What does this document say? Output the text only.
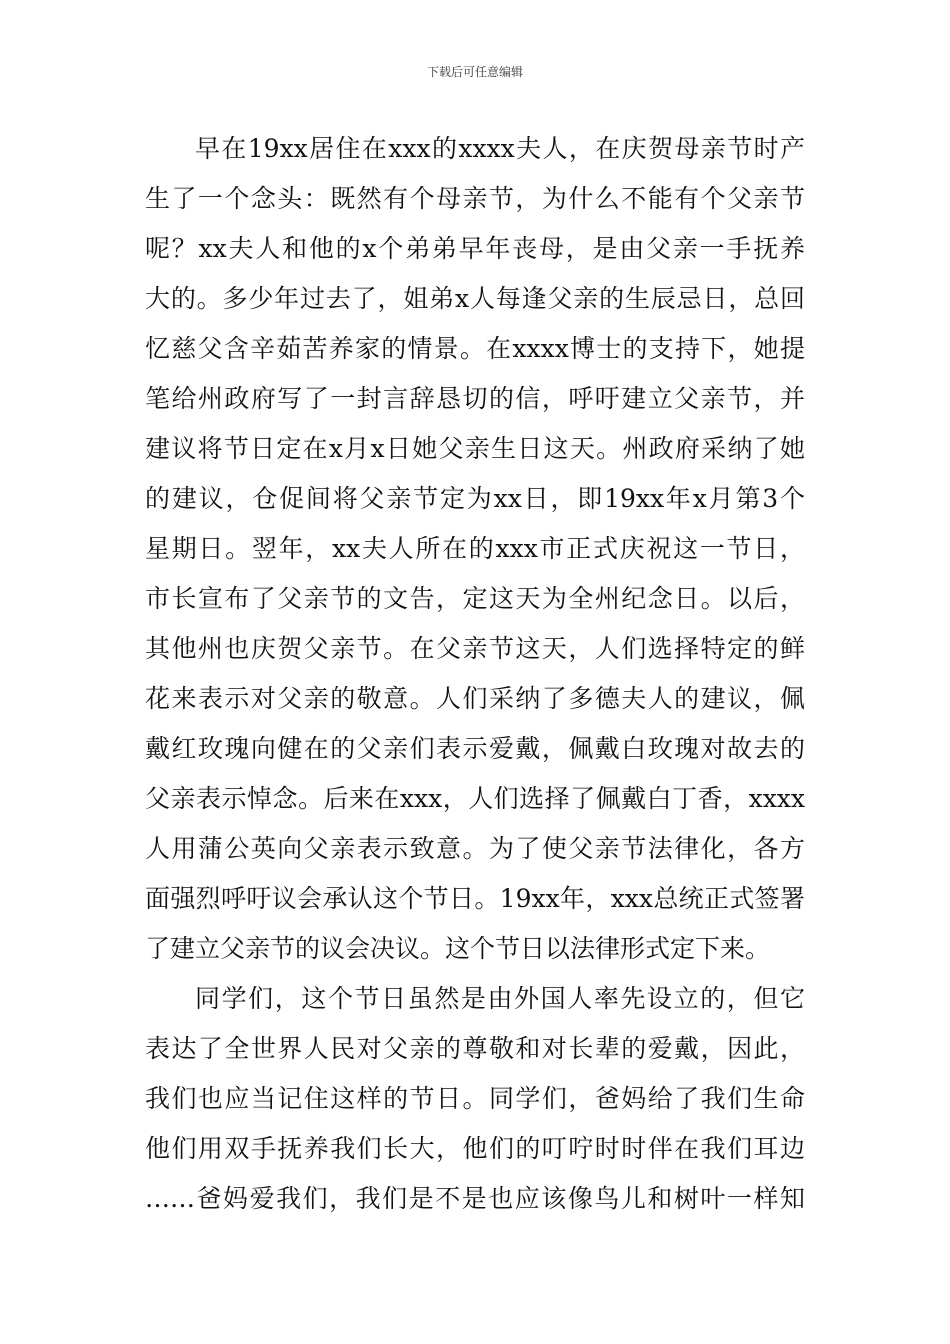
下载后可任意编辑
早在19xx居住在xxx的xxxx夫人，在庆贺母亲节时产
生了一个念头：既然有个母亲节，为什么不能有个父亲节
呢？xx夫人和他的x个弟弟早年丧母，是由父亲一手抚养
大的。多少年过去了，姐弟x人每逢父亲的生辰忌日，总回
忆慈父含辛茹苦养家的情景。在xxxx博士的支持下，她提
笔给州政府写了一封言辞恳切的信，呼吁建立父亲节，并
建议将节日定在x月x日她父亲生日这天。州政府采纳了她
的建议，仓促间将父亲节定为xx日，即19xx年x月第3个
星期日。翌年，xx夫人所在的xxx市正式庆祝这一节日，
市长宣布了父亲节的文告，定这天为全州纪念日。以后，
其他州也庆贺父亲节。在父亲节这天，人们选择特定的鲜
花来表示对父亲的敬意。人们采纳了多德夫人的建议，佩
戴红玫瑰向健在的父亲们表示爱戴，佩戴白玫瑰对故去的
父亲表示悼念。后来在xxx，人们选择了佩戴白丁香，xxxx
人用蒲公英向父亲表示致意。为了使父亲节法律化，各方
面强烈呼吁议会承认这个节日。19xx年，xxx总统正式签署
了建立父亲节的议会决议。这个节日以法律形式定下来。
同学们，这个节日虽然是由外国人率先设立的，但它
表达了全世界人民对父亲的尊敬和对长辈的爱戴，因此，
我们也应当记住这样的节日。同学们，爸妈给了我们生命
他们用双手抚养我们长大，他们的叮咛时时伴在我们耳边
……爸妈爱我们，我们是不是也应该像鸟儿和树叶一样知
